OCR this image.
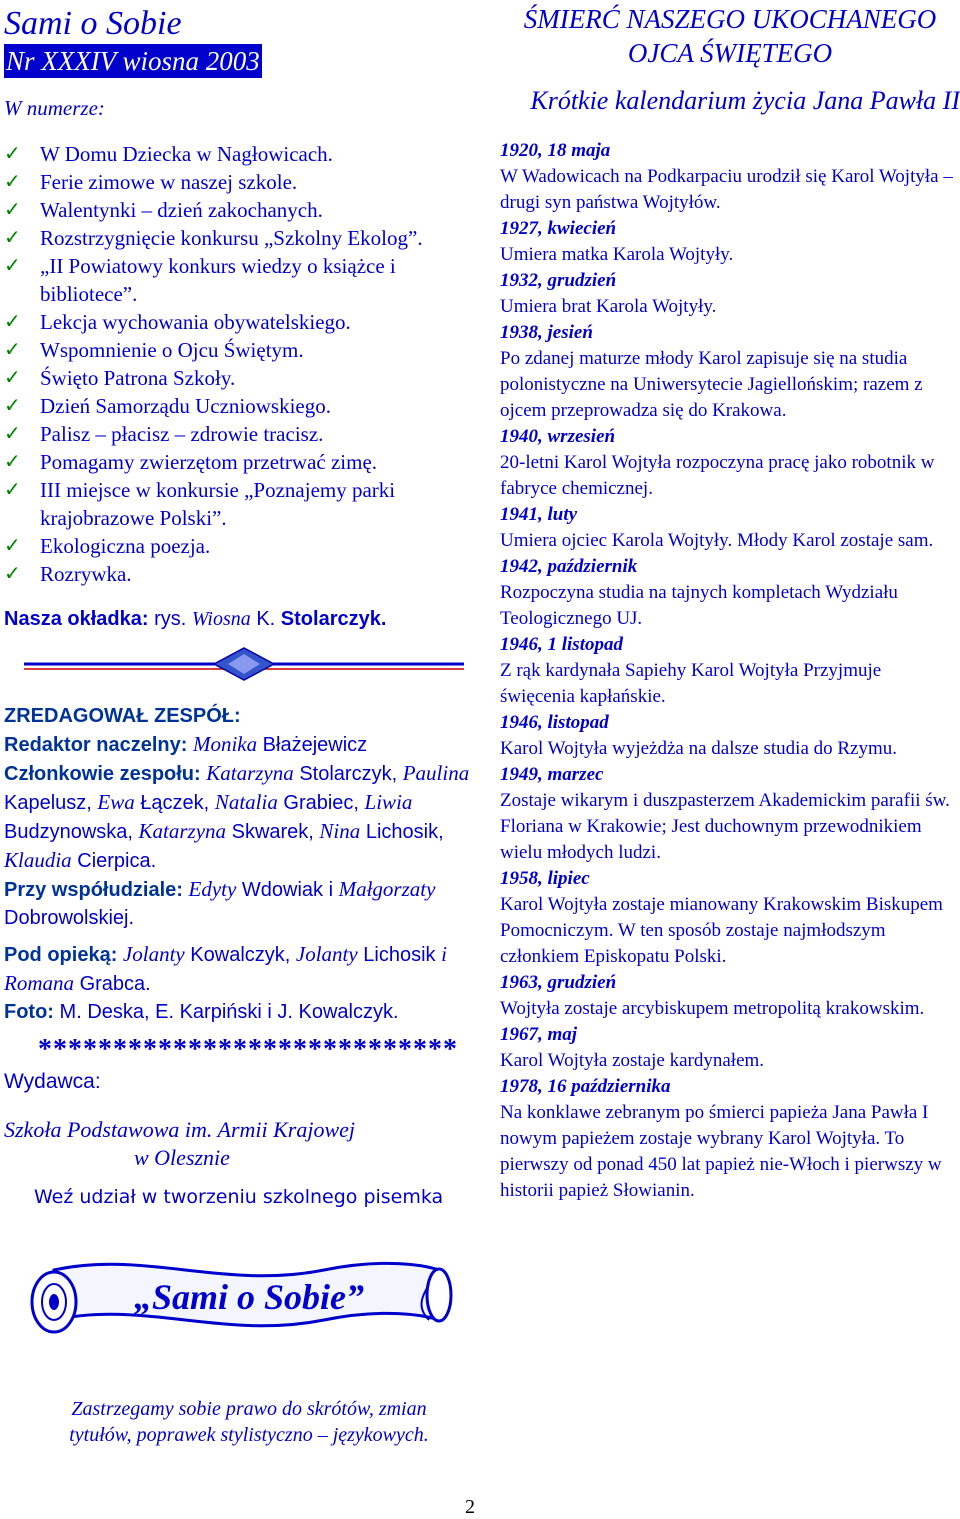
Sami o Sobie
Nr XXXIV wiosna 2003
W numerze:
✓ W Domu Dziecka w Nagłowicach.
✓ Ferie zimowe w naszej szkole.
✓ Walentynki – dzień zakochanych.
✓ Rozstrzygnięcie konkursu „Szkolny Ekolog”.
✓ „II Powiatowy konkurs wiedzy o książce i bibliotece”.
✓ Lekcja wychowania obywatelskiego.
✓ Wspomnienie o Ojcu Świętym.
✓ Święto Patrona Szkoły.
✓ Dzień Samorządu Uczniowskiego.
✓ Palisz – płacisz – zdrowie tracisz.
✓ Pomagamy zwierzętom przetrwać zimę.
✓ III miejsce w konkursie „Poznajemy parki krajobrazowe Polski”.
✓ Ekologiczna poezja.
✓ Rozrywka.
Nasza okładka: rys. Wiosna K. Stolarczyk.
ZREDAGOWAŁ ZESPÓŁ:
Redaktor naczelny: Monika Błażejewicz
Członkowie zespołu: Katarzyna Stolarczyk, Paulina Kapelusz, Ewa Łączek, Natalia Grabiec, Liwia Budzynowska, Katarzyna Skwarek, Nina Lichosik, Klaudia Cierpica.
Przy współudziale: Edyty Wdowiak i Małgorzaty Dobrowolskiej.
Pod opieką: Jolanty Kowalczyk, Jolanty Lichosik i Romana Grabca.
Foto: M. Deska, E. Karpiński i J. Kowalczyk.
****************************
Wydawca:
Szkoła Podstawowa im. Armii Krajowej
w Olesznie
Weź udział w tworzeniu szkolnego pisemka
„Sami o Sobie”
Zastrzegamy sobie prawo do skrótów, zmian tytułów, poprawek stylistyczno – językowych.
2
ŚMIERĆ NASZEGO UKOCHANEGO OJCA ŚWIĘTEGO
Krótkie kalendarium życia Jana Pawła II
1920, 18 maja
W Wadowicach na Podkarpaciu urodził się Karol Wojtyła – drugi syn państwa Wojtyłów.
1927, kwiecień
Umiera matka Karola Wojtyły.
1932, grudzień
Umiera brat Karola Wojtyły.
1938, jesień
Po zdanej maturze młody Karol zapisuje się na studia polonistyczne na Uniwersytecie Jagiellońskim; razem z ojcem przeprowadza się do Krakowa.
1940, wrzesień
20-letni Karol Wojtyła rozpoczyna pracę jako robotnik w fabryce chemicznej.
1941, luty
Umiera ojciec Karola Wojtyły. Młody Karol zostaje sam.
1942, październik
Rozpoczyna studia na tajnych kompletach Wydziału Teologicznego UJ.
1946, 1 listopad
Z rąk kardynała Sapiehy Karol Wojtyła Przyjmuje święcenia kapłańskie.
1946, listopad
Karol Wojtyła wyjeżdża na dalsze studia do Rzymu.
1949, marzec
Zostaje wikarym i duszpasterzem Akademickim parafii św. Floriana w Krakowie; Jest duchownym przewodnikiem wielu młodych ludzi.
1958, lipiec
Karol Wojtyła zostaje mianowany Krakowskim Biskupem Pomocniczym. W ten sposób zostaje najmłodszym członkiem Episkopatu Polski.
1963, grudzień
Wojtyła zostaje arcybiskupem metropolitą krakowskim.
1967, maj
Karol Wojtyła zostaje kardynałem.
1978, 16 października
Na konklawe zebranym po śmierci papieża Jana Pawła I nowym papieżem zostaje wybrany Karol Wojtyła. To pierwszy od ponad 450 lat papież nie-Włoch i pierwszy w historii papież Słowianin.
